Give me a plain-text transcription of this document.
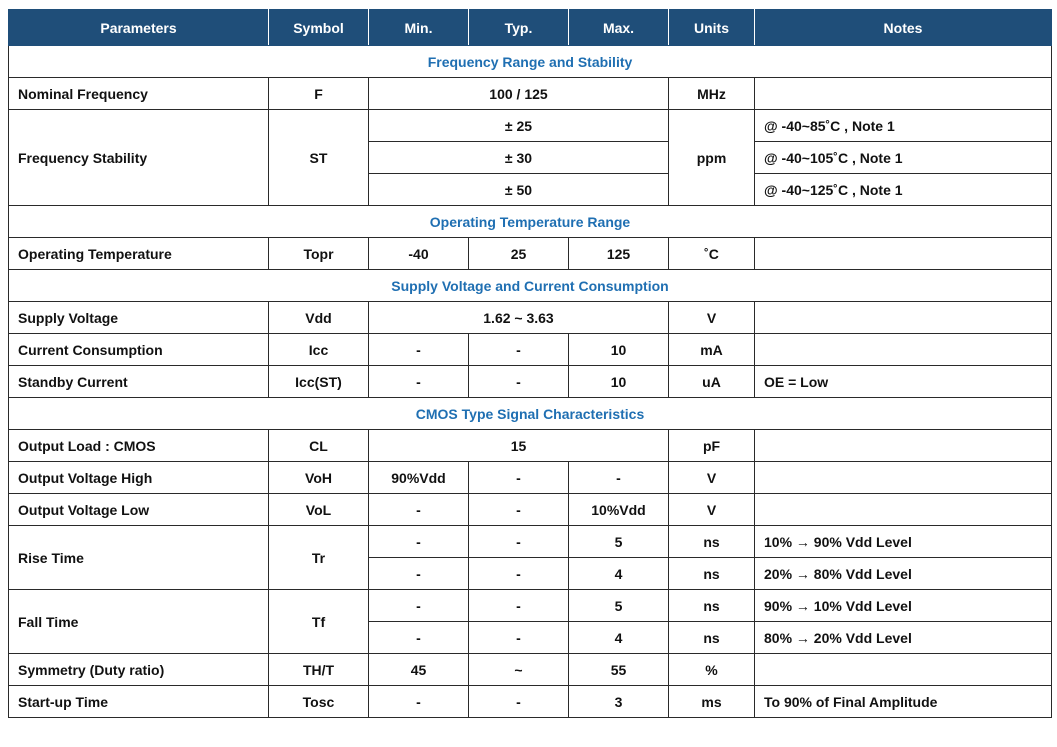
Parameters	Symbol	Min.	Typ.	Max.	Units	Notes
Frequency Range and Stability						
Nominal Frequency	F	100 / 125			MHz	
Frequency Stability	ST	± 25			ppm	@ -40~85˚C , Note 1
		± 30				@ -40~105˚C , Note 1
		± 50				@ -40~125˚C , Note 1
Operating Temperature Range						
Operating Temperature	Topr	-40	25	125	˚C	
Supply Voltage and Current Consumption						
Supply Voltage	Vdd	1.62 ~ 3.63			V	
Current Consumption	Icc	-	-	10	mA	
Standby Current	Icc(ST)	-	-	10	uA	OE = Low
CMOS Type Signal Characteristics						
Output Load : CMOS	CL	15			pF	
Output Voltage High	VoH	90%Vdd	-	-	V	
Output Voltage Low	VoL	-	-	10%Vdd	V	
Rise Time	Tr	-	-	5	ns	10% → 90% Vdd Level
		-	-	4	ns	20% → 80% Vdd Level
Fall Time	Tf	-	-	5	ns	90% → 10% Vdd Level
		-	-	4	ns	80% → 20% Vdd Level
Symmetry (Duty ratio)	TH/T	45	~	55	%	
Start-up Time	Tosc	-	-	3	ms	To 90% of Final Amplitude
